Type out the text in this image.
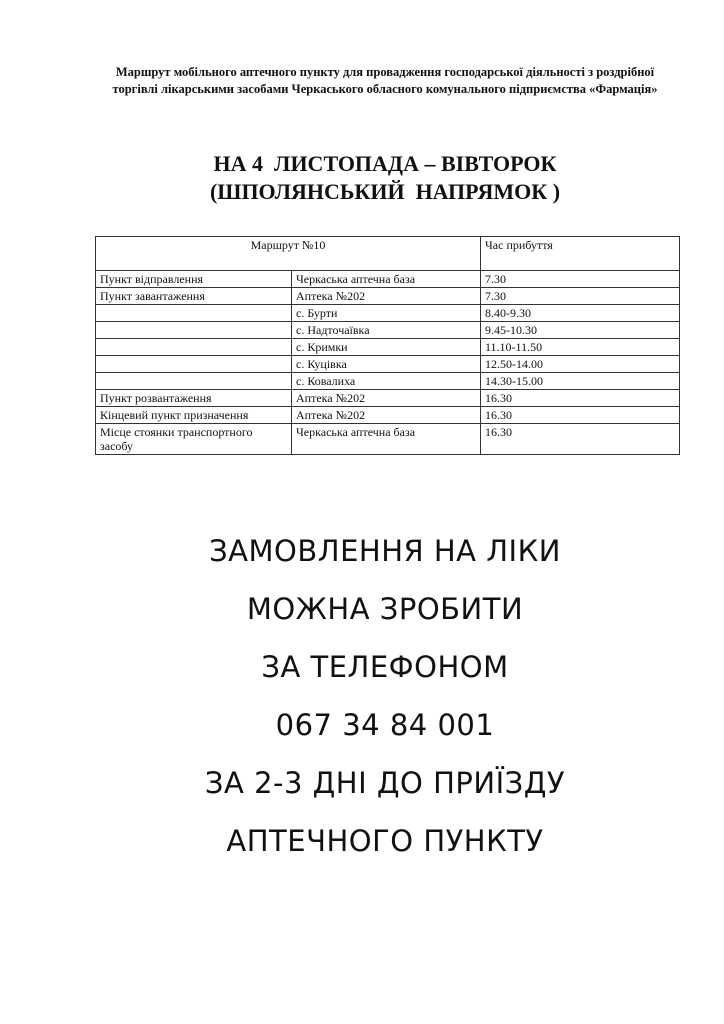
Маршрут мобільного аптечного пункту для провадження господарської діяльності з роздрібної торгівлі лікарськими засобами Черкаського обласного комунального підприємства «Фармація»
НА 4  ЛИСТОПАДА – ВІВТОРОК
(ШПОЛЯНСЬКИЙ  НАПРЯМОК )
Маршрут №10		Час прибуття
Пункт відправлення	Черкаська аптечна база	7.30
Пункт завантаження	Аптека №202	7.30
	с. Бурти	8.40-9.30
	с. Надточаївка	9.45-10.30
	с. Кримки	11.10-11.50
	с. Куцівка	12.50-14.00
	с. Ковалиха	14.30-15.00
Пункт розвантаження	Аптека №202	16.30
Кінцевий пункт призначення	Аптека №202	16.30
Місце стоянки транспортного засобу	Черкаська аптечна база	16.30
ЗАМОВЛЕННЯ НА ЛІКИ
МОЖНА ЗРОБИТИ
ЗА ТЕЛЕФОНОМ
067 34 84 001
ЗА 2-3 ДНІ ДО ПРИЇЗДУ
АПТЕЧНОГО ПУНКТУ
